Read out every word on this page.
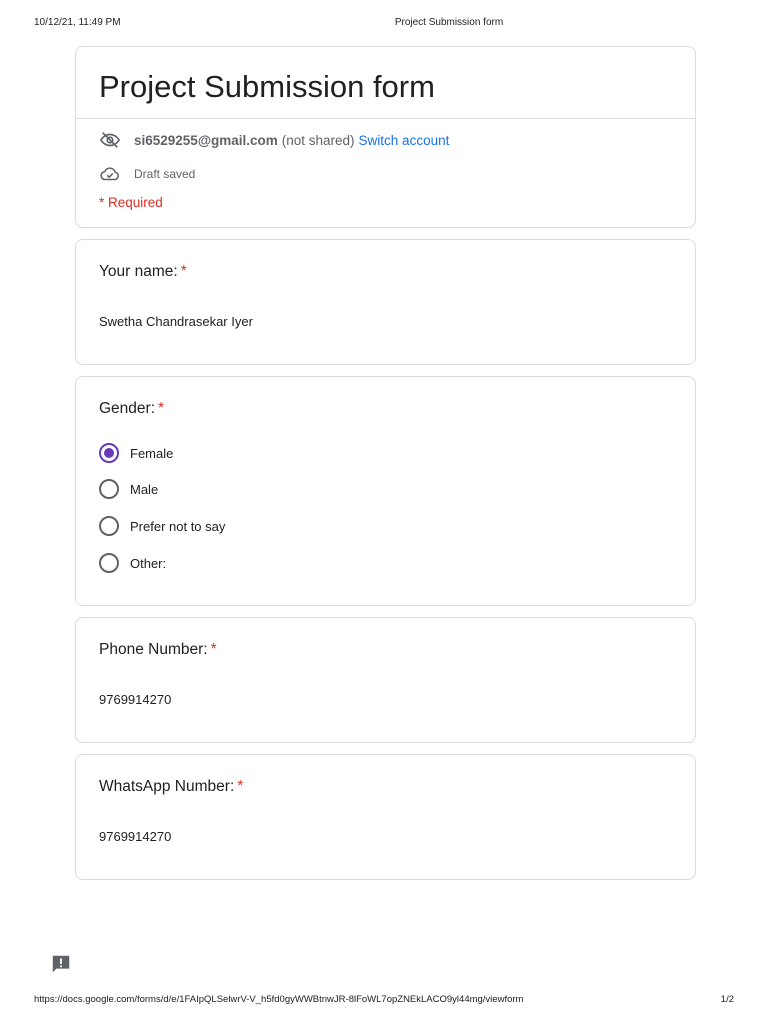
10/12/21, 11:49 PM	Project Submission form
Project Submission form
si6529255@gmail.com (not shared) Switch account
Draft saved
* Required
Your name: *
Swetha Chandrasekar Iyer
Gender: *
Female
Male
Prefer not to say
Other:
Phone Number: *
9769914270
WhatsApp Number: *
9769914270
https://docs.google.com/forms/d/e/1FAIpQLSelwrV-V_h5fd0gyWWBtnwJR-8lFoWL7opZNEkLACO9yl44mg/viewform	1/2
